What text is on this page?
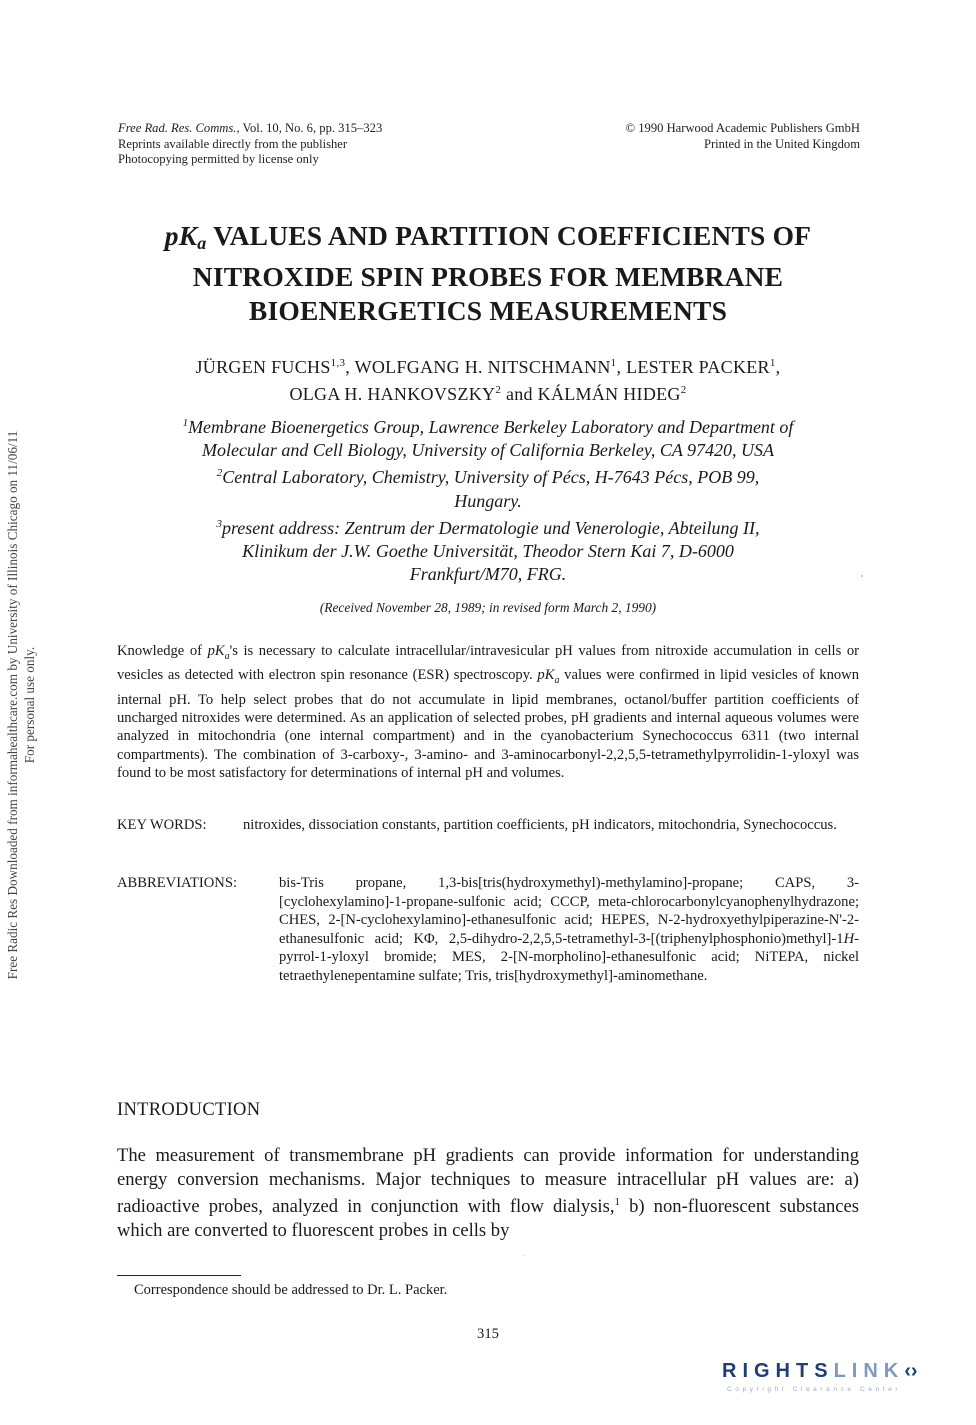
Free Radic Res Downloaded from informahealthcare.com by University of Illinois Chicago on 11/06/11 For personal use only.
Free Rad. Res. Comms., Vol. 10, No. 6, pp. 315–323
Reprints available directly from the publisher
Photocopying permitted by license only
© 1990 Harwood Academic Publishers GmbH
Printed in the United Kingdom
$pK_a$ VALUES AND PARTITION COEFFICIENTS OF
NITROXIDE SPIN PROBES FOR MEMBRANE
BIOENERGETICS MEASUREMENTS
JÜRGEN FUCHS$^{1,3}$, WOLFGANG H. NITSCHMANN$^1$, LESTER PACKER$^1$,
OLGA H. HANKOVSZKY$^2$ and KÁLMÁN HIDEG$^2$
$^1$Membrane Bioenergetics Group, Lawrence Berkeley Laboratory and Department of
Molecular and Cell Biology, University of California Berkeley, CA 97420, USA
$^2$Central Laboratory, Chemistry, University of Pécs, H-7643 Pécs, POB 99,
Hungary.
$^3$present address: Zentrum der Dermatologie und Venerologie, Abteilung II,
Klinikum der J.W. Goethe Universität, Theodor Stern Kai 7, D-6000
Frankfurt/M70, FRG.
(Received November 28, 1989; in revised form March 2, 1990)

Knowledge of $pK_a's$ is necessary to calculate intracellular/intravesicular pH values from nitroxide accumulation in cells or vesicles as detected with electron spin resonance (ESR) spectroscopy. $pK_a$ values were confirmed in lipid vesicles of known internal pH. To help select probes that do not accumulate in lipid membranes, octanol/buffer partition coefficients of uncharged nitroxides were determined. As an application of selected probes, pH gradients and internal aqueous volumes were analyzed in mitochondria (one internal compartment) and in the cyanobacterium Synechococcus 6311 (two internal compartments). The combination of 3-carboxy-, 3-amino- and 3-aminocarbonyl-2,2,5,5-tetramethylpyrrolidin-1-yloxyl was found to be most satisfactory for determinations of internal pH and volumes.

KEY WORDS: nitroxides, dissociation constants, partition coefficients, pH indicators, mitochondria, Synechococcus.
ABBREVIATIONS:	bis-Tris propane, 1,3-bis[tris(hydroxymethyl)-methylamino]-propane; CAPS, 3-[cyclohexylamino]-1-propane-sulfonic acid; CCCP, meta-chlorocarbonylcyanophenylhydrazone; CHES, 2-[N-cyclohexylamino]-ethanesulfonic acid; HEPES, N-2-hydroxyethylpiperazine-N'-2-ethanesulfonic acid; KΦ, 2,5-dihydro-2,2,5,5-tetramethyl-3-[(triphenylphosphonio)methyl]-1H-pyrrol-1-yloxyl bromide; MES, 2-[N-morpholino]-ethanesulfonic acid; NiTEPA, nickel tetraethylenepentamine sulfate; Tris, tris[hydroxymethyl]-aminomethane.
INTRODUCTION
The measurement of transmembrane pH gradients can provide information for understanding energy conversion mechanisms. Major techniques to measure intracellular pH values are: a) radioactive probes, analyzed in conjunction with flow dialysis,$^1$ b) non-fluorescent substances which are converted to fluorescent probes in cells by
Correspondence should be addressed to Dr. L. Packer.
315
RIGHTSLINK‹›
Copyright Clearance Center
